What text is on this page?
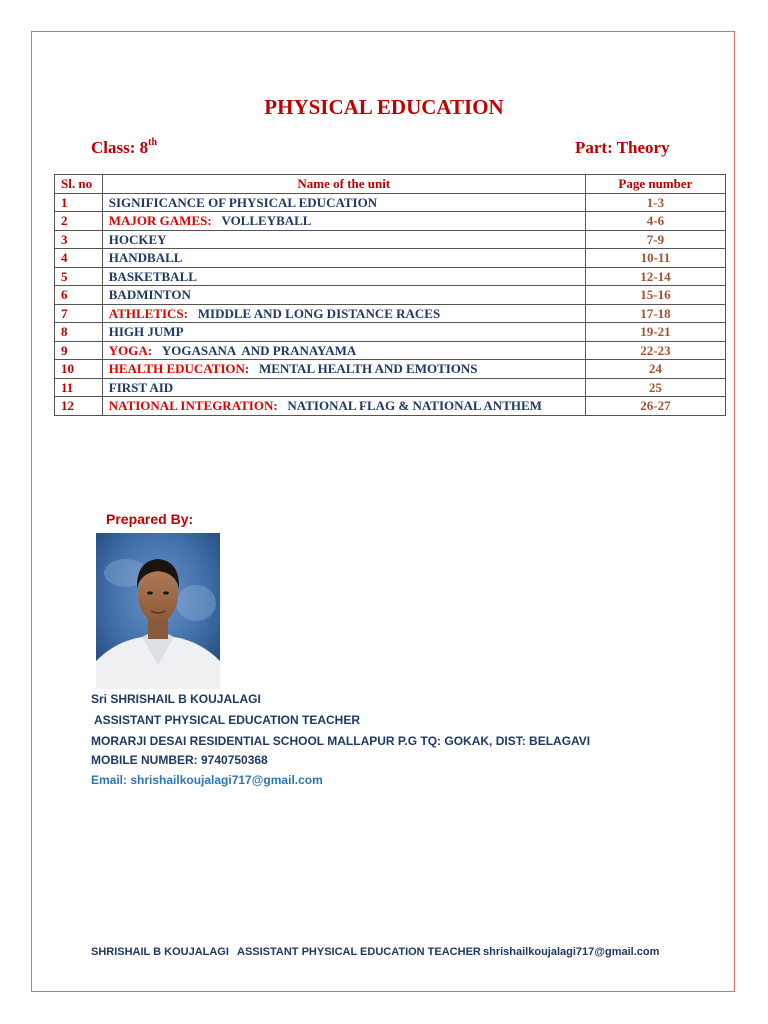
PHYSICAL EDUCATION
Class: 8th	Part: Theory
Sl. no	Name of the unit	Page number
1	SIGNIFICANCE OF PHYSICAL EDUCATION	1-3
2	MAJOR GAMES: VOLLEYBALL	4-6
3	HOCKEY	7-9
4	HANDBALL	10-11
5	BASKETBALL	12-14
6	BADMINTON	15-16
7	ATHLETICS: MIDDLE AND LONG DISTANCE RACES	17-18
8	HIGH JUMP	19-21
9	YOGA: YOGASANA  AND PRANAYAMA	22-23
10	HEALTH EDUCATION: MENTAL HEALTH AND EMOTIONS	24
11	FIRST AID	25
12	NATIONAL INTEGRATION: NATIONAL FLAG & NATIONAL ANTHEM	26-27
Prepared By:
Sri SHRISHAIL B KOUJALAGI
ASSISTANT PHYSICAL EDUCATION TEACHER
MORARJI DESAI RESIDENTIAL SCHOOL MALLAPUR P.G TQ: GOKAK, DIST: BELAGAVI
MOBILE NUMBER: 9740750368
Email: shrishailkoujalagi717@gmail.com
SHRISHAIL B KOUJALAGI ASSISTANT PHYSICAL EDUCATION TEACHER shrishailkoujalagi717@gmail.com
